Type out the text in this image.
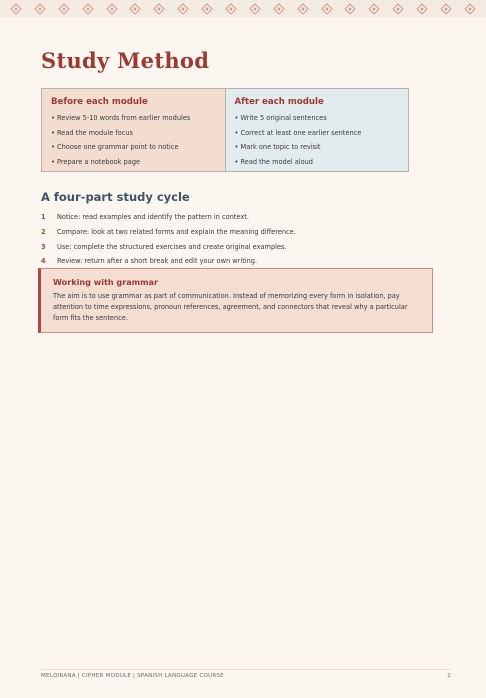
Study Method
Before each module
• Review 5-10 words from earlier modules
• Read the module focus
• Choose one grammar point to notice
• Prepare a notebook page
After each module
• Write 5 original sentences
• Correct at least one earlier sentence
• Mark one topic to revisit
• Read the model aloud
A four-part study cycle
1	Notice: read examples and identify the pattern in context.
2	Compare: look at two related forms and explain the meaning difference.
3	Use: complete the structured exercises and create original examples.
4	Review: return after a short break and edit your own writing.
Working with grammar

The aim is to use grammar as part of communication. Instead of memorizing every form in isolation, pay attention to time expressions, pronoun references, agreement, and connectors that reveal why a particular form fits the sentence.

MELQIRANA | CIPHER MODULE | SPANISH LANGUAGE COURSE	2
